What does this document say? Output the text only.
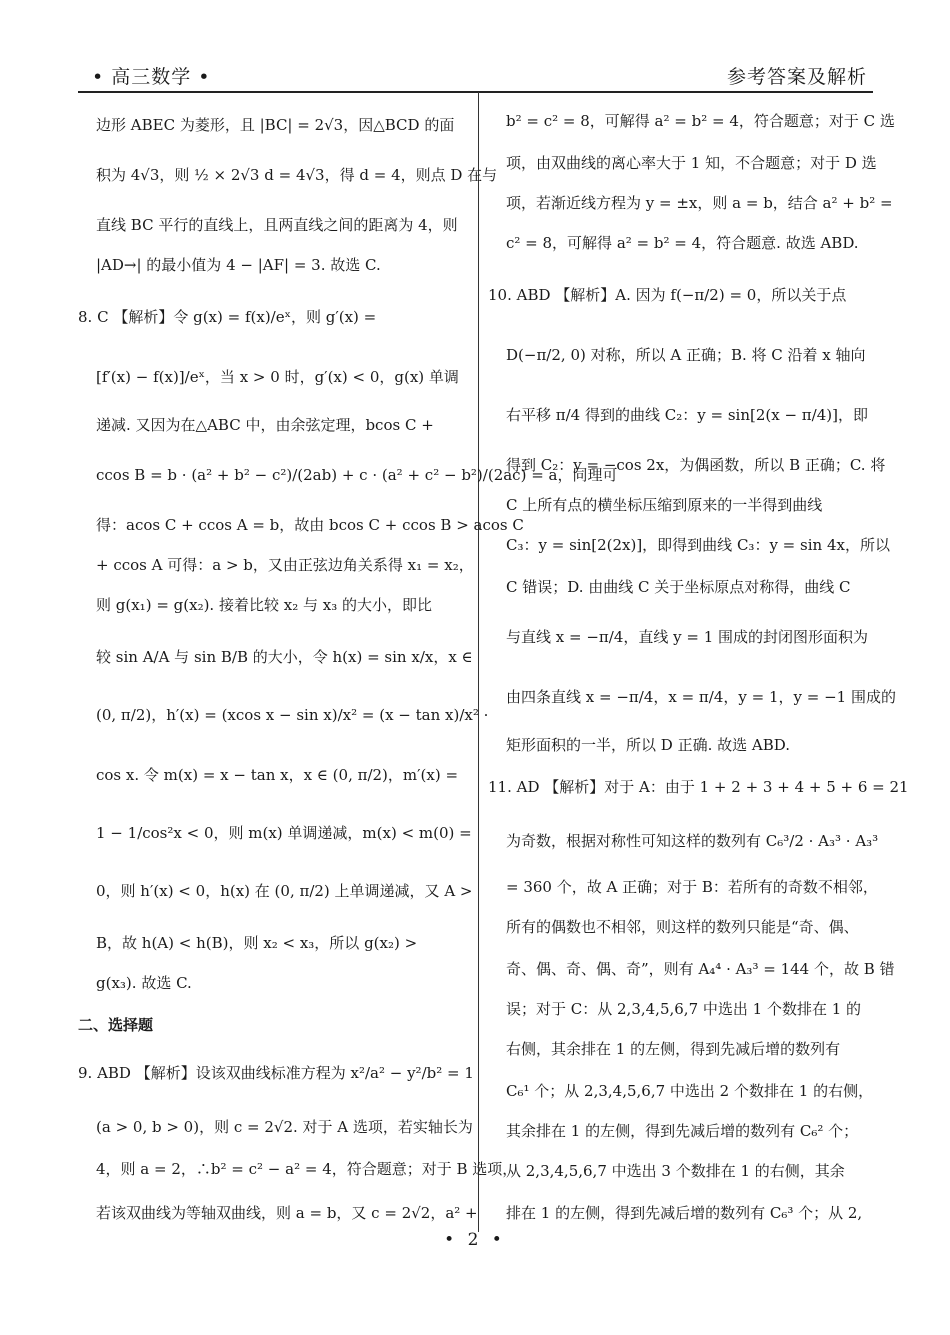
• 高三数学 •	参考答案及解析
边形 ABEC 为菱形，且 |BC| = 2√3，因△BCD 的面
积为 4√3，则 ½ × 2√3 d = 4√3，得 d = 4，则点 D 在与
直线 BC 平行的直线上，且两直线之间的距离为 4，则
|AD→| 的最小值为 4 − |AF| = 3. 故选 C.
8. C 【解析】令 g(x) = f(x)/eˣ，则 g′(x) =
[f′(x) − f(x)]/eˣ，当 x > 0 时，g′(x) < 0，g(x) 单调
递减. 又因为在△ABC 中，由余弦定理，bcos C +
ccos B = b · (a² + b² − c²)/(2ab) + c · (a² + c² − b²)/(2ac) = a，同理可
得：acos C + ccos A = b，故由 bcos C + ccos B > acos C
+ ccos A 可得：a > b，又由正弦边角关系得 x₁ = x₂，
则 g(x₁) = g(x₂). 接着比较 x₂ 与 x₃ 的大小，即比
较 sin A/A 与 sin B/B 的大小，令 h(x) = sin x/x，x ∈
(0, π/2)，h′(x) = (xcos x − sin x)/x² = (x − tan x)/x² ·
cos x. 令 m(x) = x − tan x，x ∈ (0, π/2)，m′(x) =
1 − 1/cos²x < 0，则 m(x) 单调递减，m(x) < m(0) =
0，则 h′(x) < 0，h(x) 在 (0, π/2) 上单调递减，又 A >
B，故 h(A) < h(B)，则 x₂ < x₃，所以 g(x₂) >
g(x₃). 故选 C.
二、选择题
9. ABD 【解析】设该双曲线标准方程为 x²/a² − y²/b² = 1
(a > 0, b > 0)，则 c = 2√2. 对于 A 选项，若实轴长为
4，则 a = 2，∴b² = c² − a² = 4，符合题意；对于 B 选项，
若该双曲线为等轴双曲线，则 a = b，又 c = 2√2，a² +
b² = c² = 8，可解得 a² = b² = 4，符合题意；对于 C 选
项，由双曲线的离心率大于 1 知，不合题意；对于 D 选
项，若渐近线方程为 y = ±x，则 a = b，结合 a² + b² =
c² = 8，可解得 a² = b² = 4，符合题意. 故选 ABD.
10. ABD 【解析】A. 因为 f(−π/2) = 0，所以关于点
D(−π/2, 0) 对称，所以 A 正确；B. 将 C 沿着 x 轴向
右平移 π/4 得到的曲线 C₂：y = sin[2(x − π/4)]，即
得到 C₂：y = −cos 2x，为偶函数，所以 B 正确；C. 将
C 上所有点的横坐标压缩到原来的一半得到曲线
C₃：y = sin[2(2x)]，即得到曲线 C₃：y = sin 4x，所以
C 错误；D. 由曲线 C 关于坐标原点对称得，曲线 C
与直线 x = −π/4，直线 y = 1 围成的封闭图形面积为
由四条直线 x = −π/4，x = π/4，y = 1，y = −1 围成的
矩形面积的一半，所以 D 正确. 故选 ABD.
11. AD 【解析】对于 A：由于 1 + 2 + 3 + 4 + 5 + 6 = 21
为奇数，根据对称性可知这样的数列有 C₆³/2 · A₃³ · A₃³
= 360 个，故 A 正确；对于 B：若所有的奇数不相邻，
所有的偶数也不相邻，则这样的数列只能是“奇、偶、
奇、偶、奇、偶、奇”，则有 A₄⁴ · A₃³ = 144 个，故 B 错
误；对于 C：从 2,3,4,5,6,7 中选出 1 个数排在 1 的
右侧，其余排在 1 的左侧，得到先减后增的数列有
C₆¹ 个；从 2,3,4,5,6,7 中选出 2 个数排在 1 的右侧，
其余排在 1 的左侧，得到先减后增的数列有 C₆² 个；
从 2,3,4,5,6,7 中选出 3 个数排在 1 的右侧，其余
排在 1 的左侧，得到先减后增的数列有 C₆³ 个；从 2,
• 2 •
